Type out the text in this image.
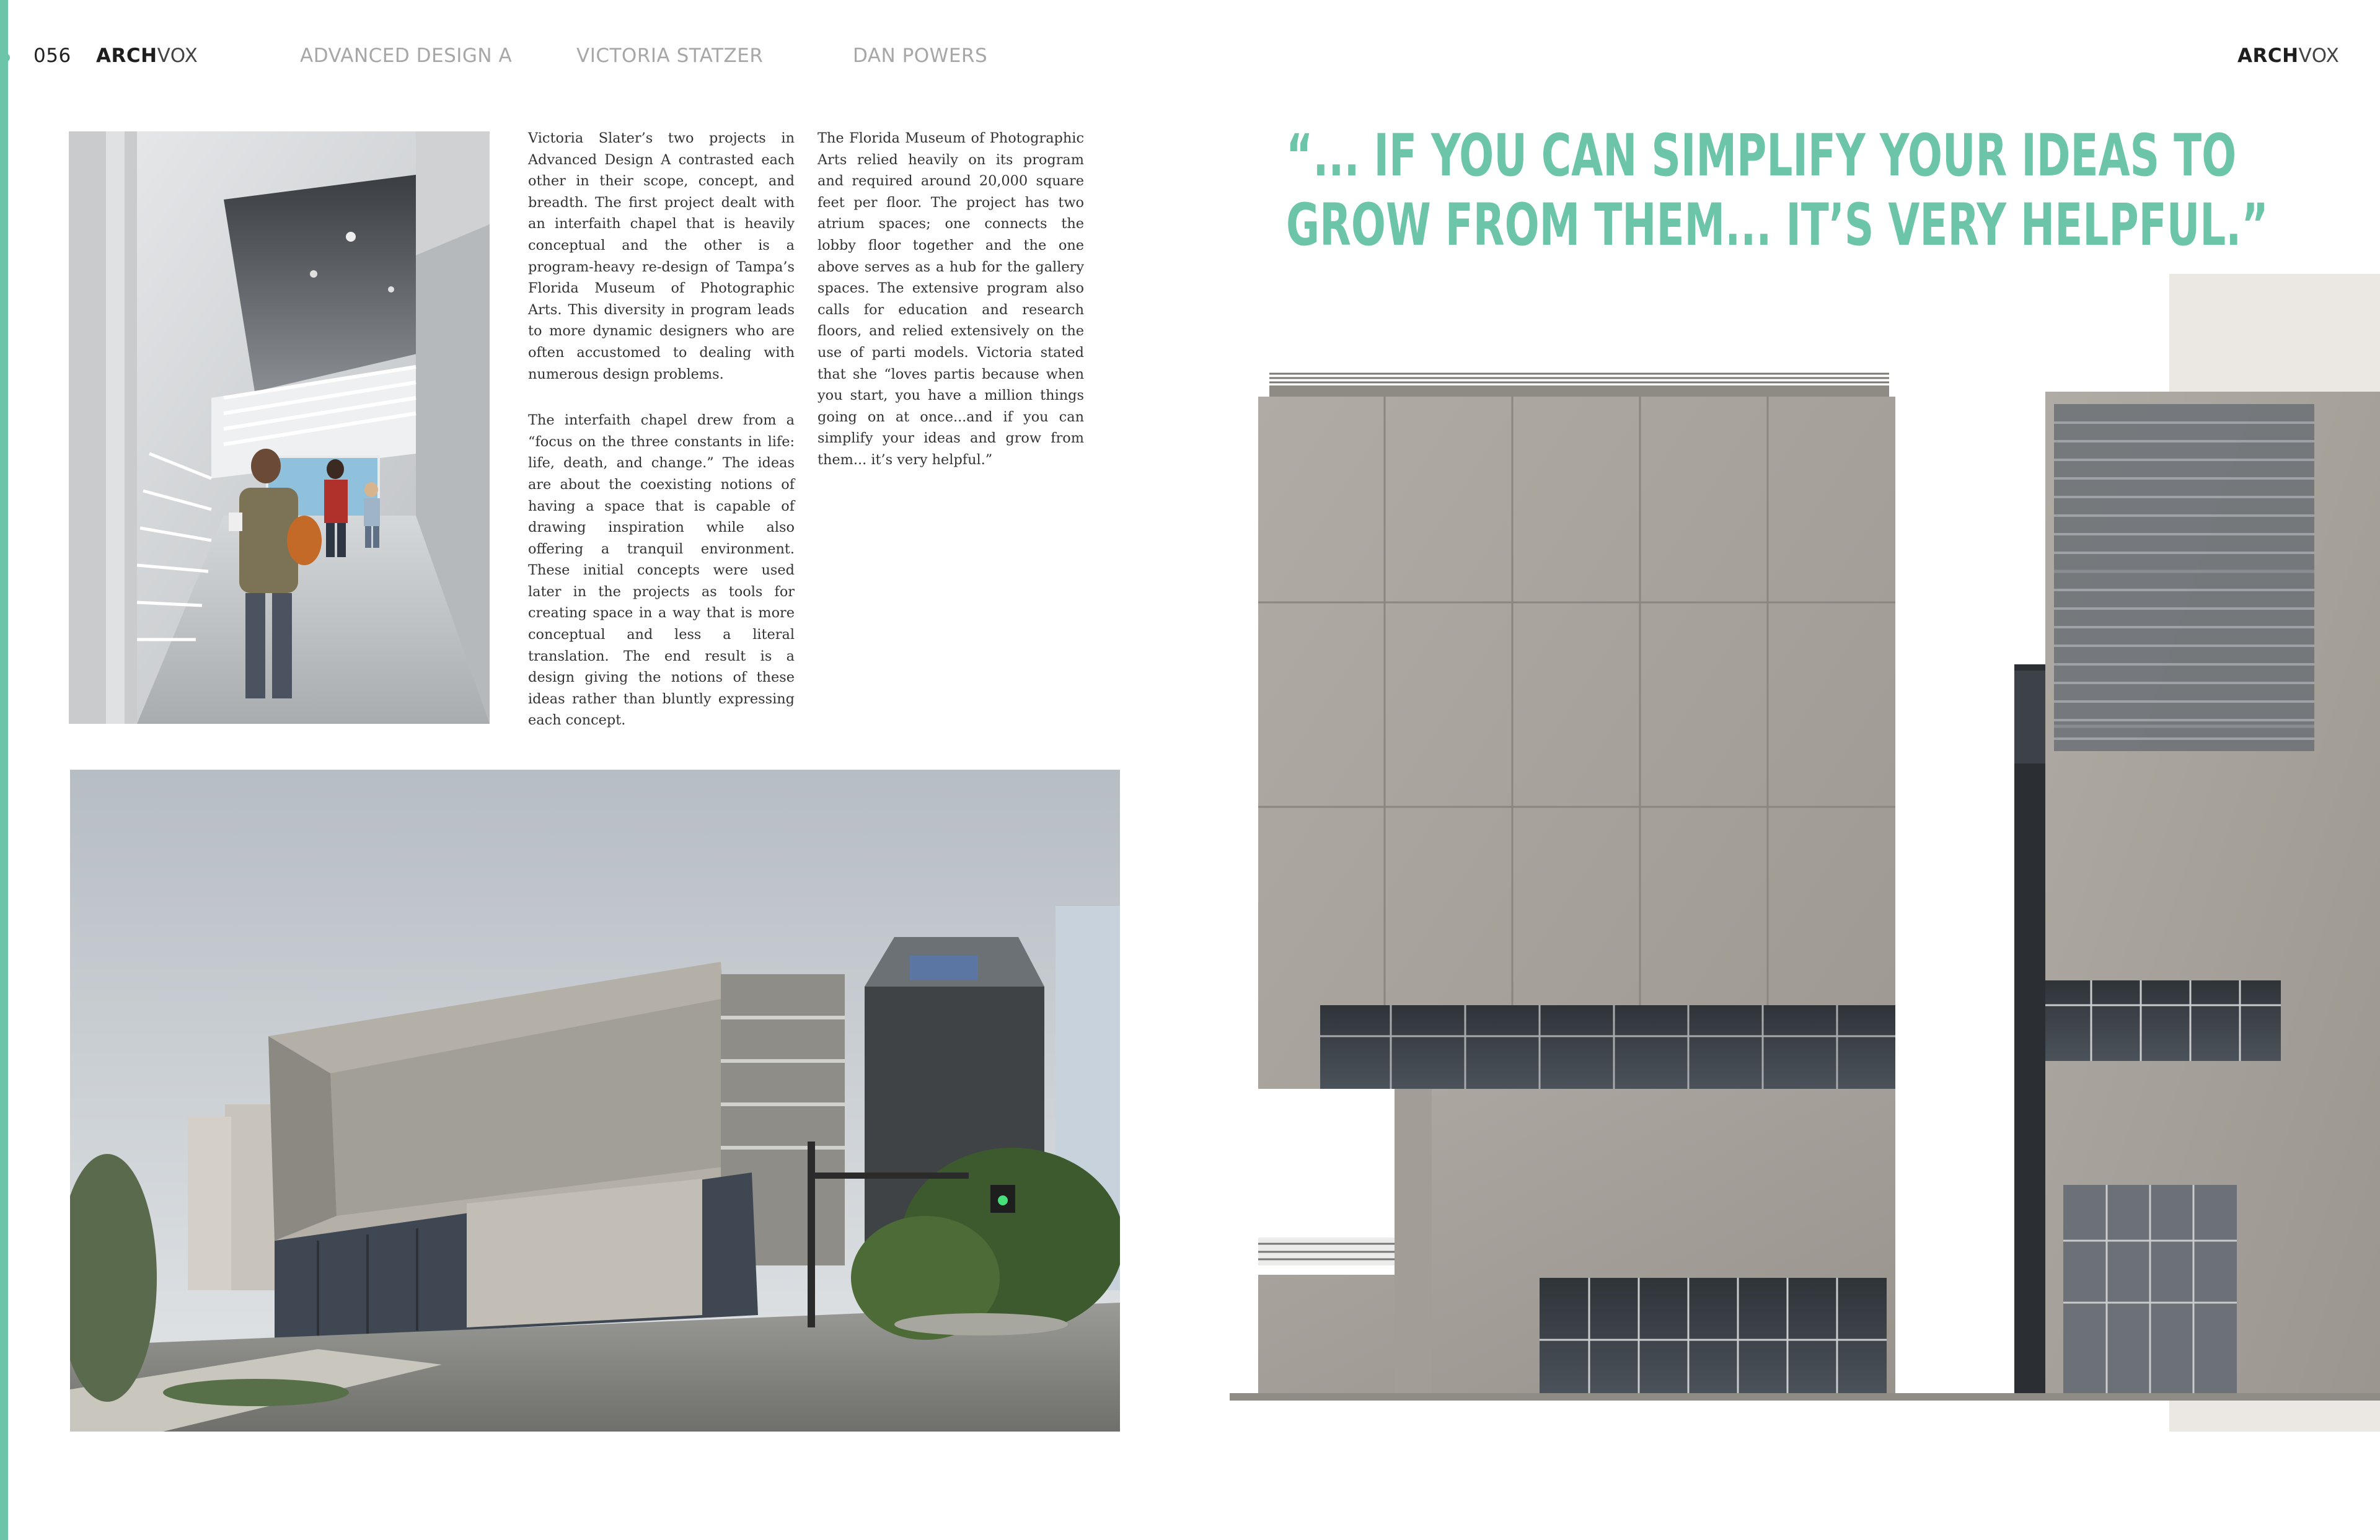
056 ARCHVOX	ADVANCED DESIGN A	VICTORIA STATZER	DAN POWERS	ARCHVOX

Victoria Slater’s two projects in Advanced Design A contrasted each other in their scope, concept, and breadth. The first project dealt with an interfaith chapel that is heavily conceptual and the other is a program-heavy re-design of Tampa’s Florida Museum of Photographic Arts. This diversity in program leads to more dynamic designers who are often accustomed to dealing with numerous design problems.

The interfaith chapel drew from a “focus on the three constants in life: life, death, and change.” The ideas are about the coexisting notions of having a space that is capable of drawing inspiration while also offering a tranquil environment. These initial concepts were used later in the projects as tools for creating space in a way that is more conceptual and less a literal translation. The end result is a design giving the notions of these ideas rather than bluntly expressing each concept.

The Florida Museum of Photographic Arts relied heavily on its program and required around 20,000 square feet per floor. The project has two atrium spaces; one connects the lobby floor together and the one above serves as a hub for the gallery spaces. The extensive program also calls for education and research floors, and relied extensively on the use of parti models. Victoria stated that she “loves partis because when you start, you have a million things going on at once...and if you can simplify your ideas and grow from them... it’s very helpful.”

“... IF YOU CAN SIMPLIFY YOUR IDEAS TO
GROW FROM THEM... IT’S VERY HELPFUL.”
